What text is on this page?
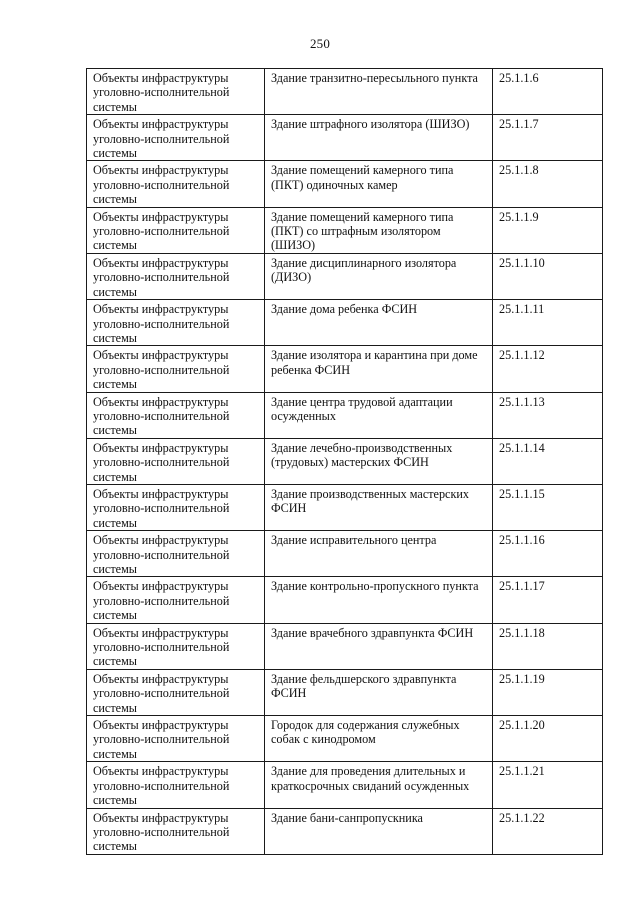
250
Объекты инфраструктуры уголовно-исполнительной системы	Здание транзитно-пересыльного пункта	25.1.1.6
Объекты инфраструктуры уголовно-исполнительной системы	Здание штрафного изолятора (ШИЗО)	25.1.1.7
Объекты инфраструктуры уголовно-исполнительной системы	Здание помещений камерного типа (ПКТ) одиночных камер	25.1.1.8
Объекты инфраструктуры уголовно-исполнительной системы	Здание помещений камерного типа (ПКТ) со штрафным изолятором (ШИЗО)	25.1.1.9
Объекты инфраструктуры уголовно-исполнительной системы	Здание дисциплинарного изолятора (ДИЗО)	25.1.1.10
Объекты инфраструктуры уголовно-исполнительной системы	Здание дома ребенка ФСИН	25.1.1.11
Объекты инфраструктуры уголовно-исполнительной системы	Здание изолятора и карантина при доме ребенка ФСИН	25.1.1.12
Объекты инфраструктуры уголовно-исполнительной системы	Здание центра трудовой адаптации осужденных	25.1.1.13
Объекты инфраструктуры уголовно-исполнительной системы	Здание лечебно-производственных (трудовых) мастерских ФСИН	25.1.1.14
Объекты инфраструктуры уголовно-исполнительной системы	Здание производственных мастерских ФСИН	25.1.1.15
Объекты инфраструктуры уголовно-исполнительной системы	Здание исправительного центра	25.1.1.16
Объекты инфраструктуры уголовно-исполнительной системы	Здание контрольно-пропускного пункта	25.1.1.17
Объекты инфраструктуры уголовно-исполнительной системы	Здание врачебного здравпункта ФСИН	25.1.1.18
Объекты инфраструктуры уголовно-исполнительной системы	Здание фельдшерского здравпункта ФСИН	25.1.1.19
Объекты инфраструктуры уголовно-исполнительной системы	Городок для содержания служебных собак с кинодромом	25.1.1.20
Объекты инфраструктуры уголовно-исполнительной системы	Здание для проведения длительных и краткосрочных свиданий осужденных	25.1.1.21
Объекты инфраструктуры уголовно-исполнительной системы	Здание бани-санпропускника	25.1.1.22
